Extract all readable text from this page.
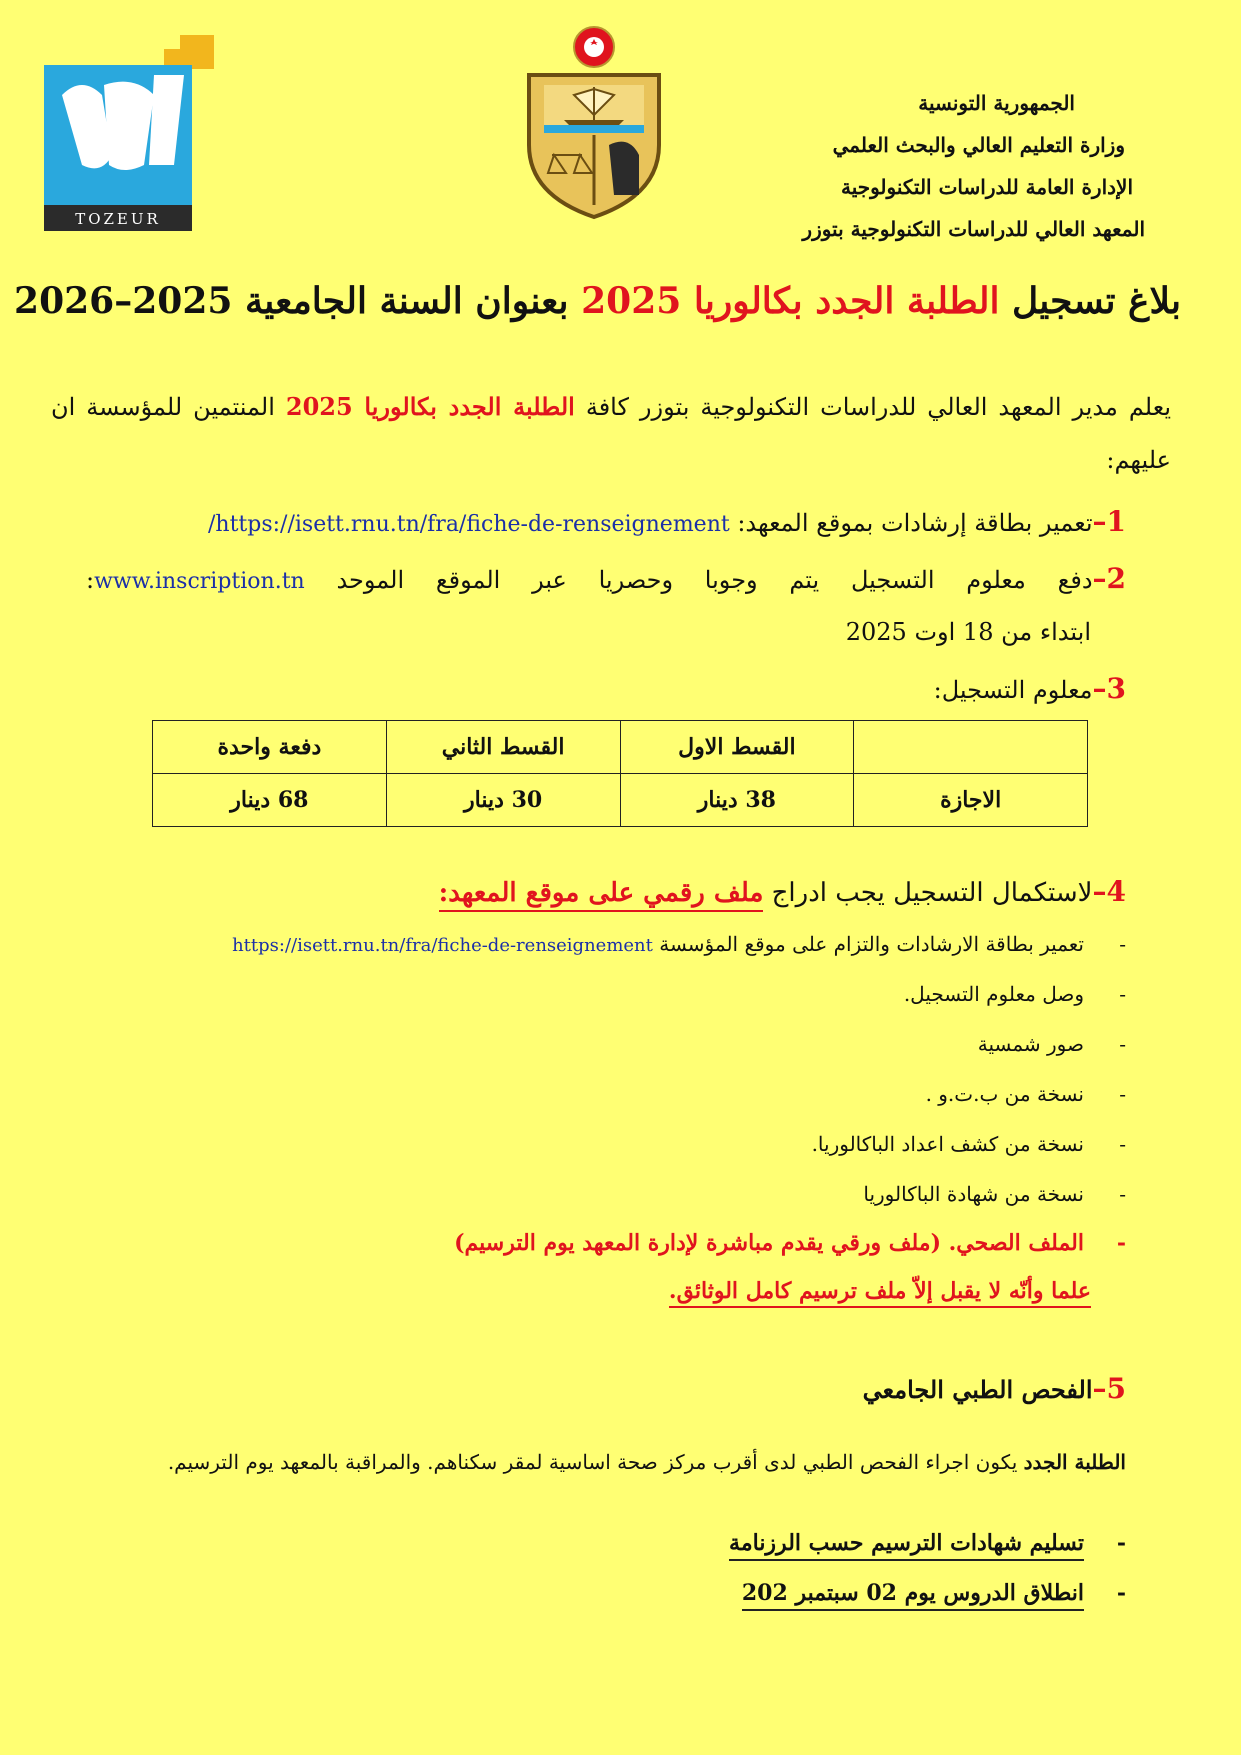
TOZEUR
الجمهورية التونسية
وزارة التعليم العالي والبحث العلمي
الإدارة العامة للدراسات التكنولوجية
المعهد العالي للدراسات التكنولوجية بتوزر
بلاغ تسجيل الطلبة الجدد بكالوريا 2025 بعنوان السنة الجامعية 2025–2026
يعلم مدير المعهد العالي للدراسات التكنولوجية بتوزر كافة الطلبة الجدد بكالوريا 2025 المنتمين للمؤسسة ان
عليهم:
1–تعمير بطاقة إرشادات بموقع المعهد: https://isett.rnu.tn/fra/fiche-de-renseignement/
2–دفع معلوم التسجيل يتم وجوبا وحصريا عبر الموقع الموحد www.inscription.tn:
ابتداء من 18 اوت 2025
3–معلوم التسجيل:
	القسط الاول	القسط الثاني	دفعة واحدة
الاجازة	38 دينار	30 دينار	68 دينار
4–لاستكمال التسجيل يجب ادراج ملف رقمي على موقع المعهد:
-تعمير بطاقة الارشادات والتزام على موقع المؤسسة https://isett.rnu.tn/fra/fiche-de-renseignement
-وصل معلوم التسجيل.
-صور شمسية
-نسخة من ب.ت.و .
-نسخة من كشف اعداد الباكالوريا.
-نسخة من شهادة الباكالوريا
-الملف الصحي. (ملف ورقي يقدم مباشرة لإدارة المعهد يوم الترسيم)
علما وأنّه لا يقبل إلاّ ملف ترسيم كامل الوثائق.
5–الفحص الطبي الجامعي
الطلبة الجدد يكون اجراء الفحص الطبي لدى أقرب مركز صحة اساسية لمقر سكناهم. والمراقبة بالمعهد يوم الترسيم.
-تسليم شهادات الترسيم حسب الرزنامة
-انطلاق الدروس يوم 02 سبتمبر 202
